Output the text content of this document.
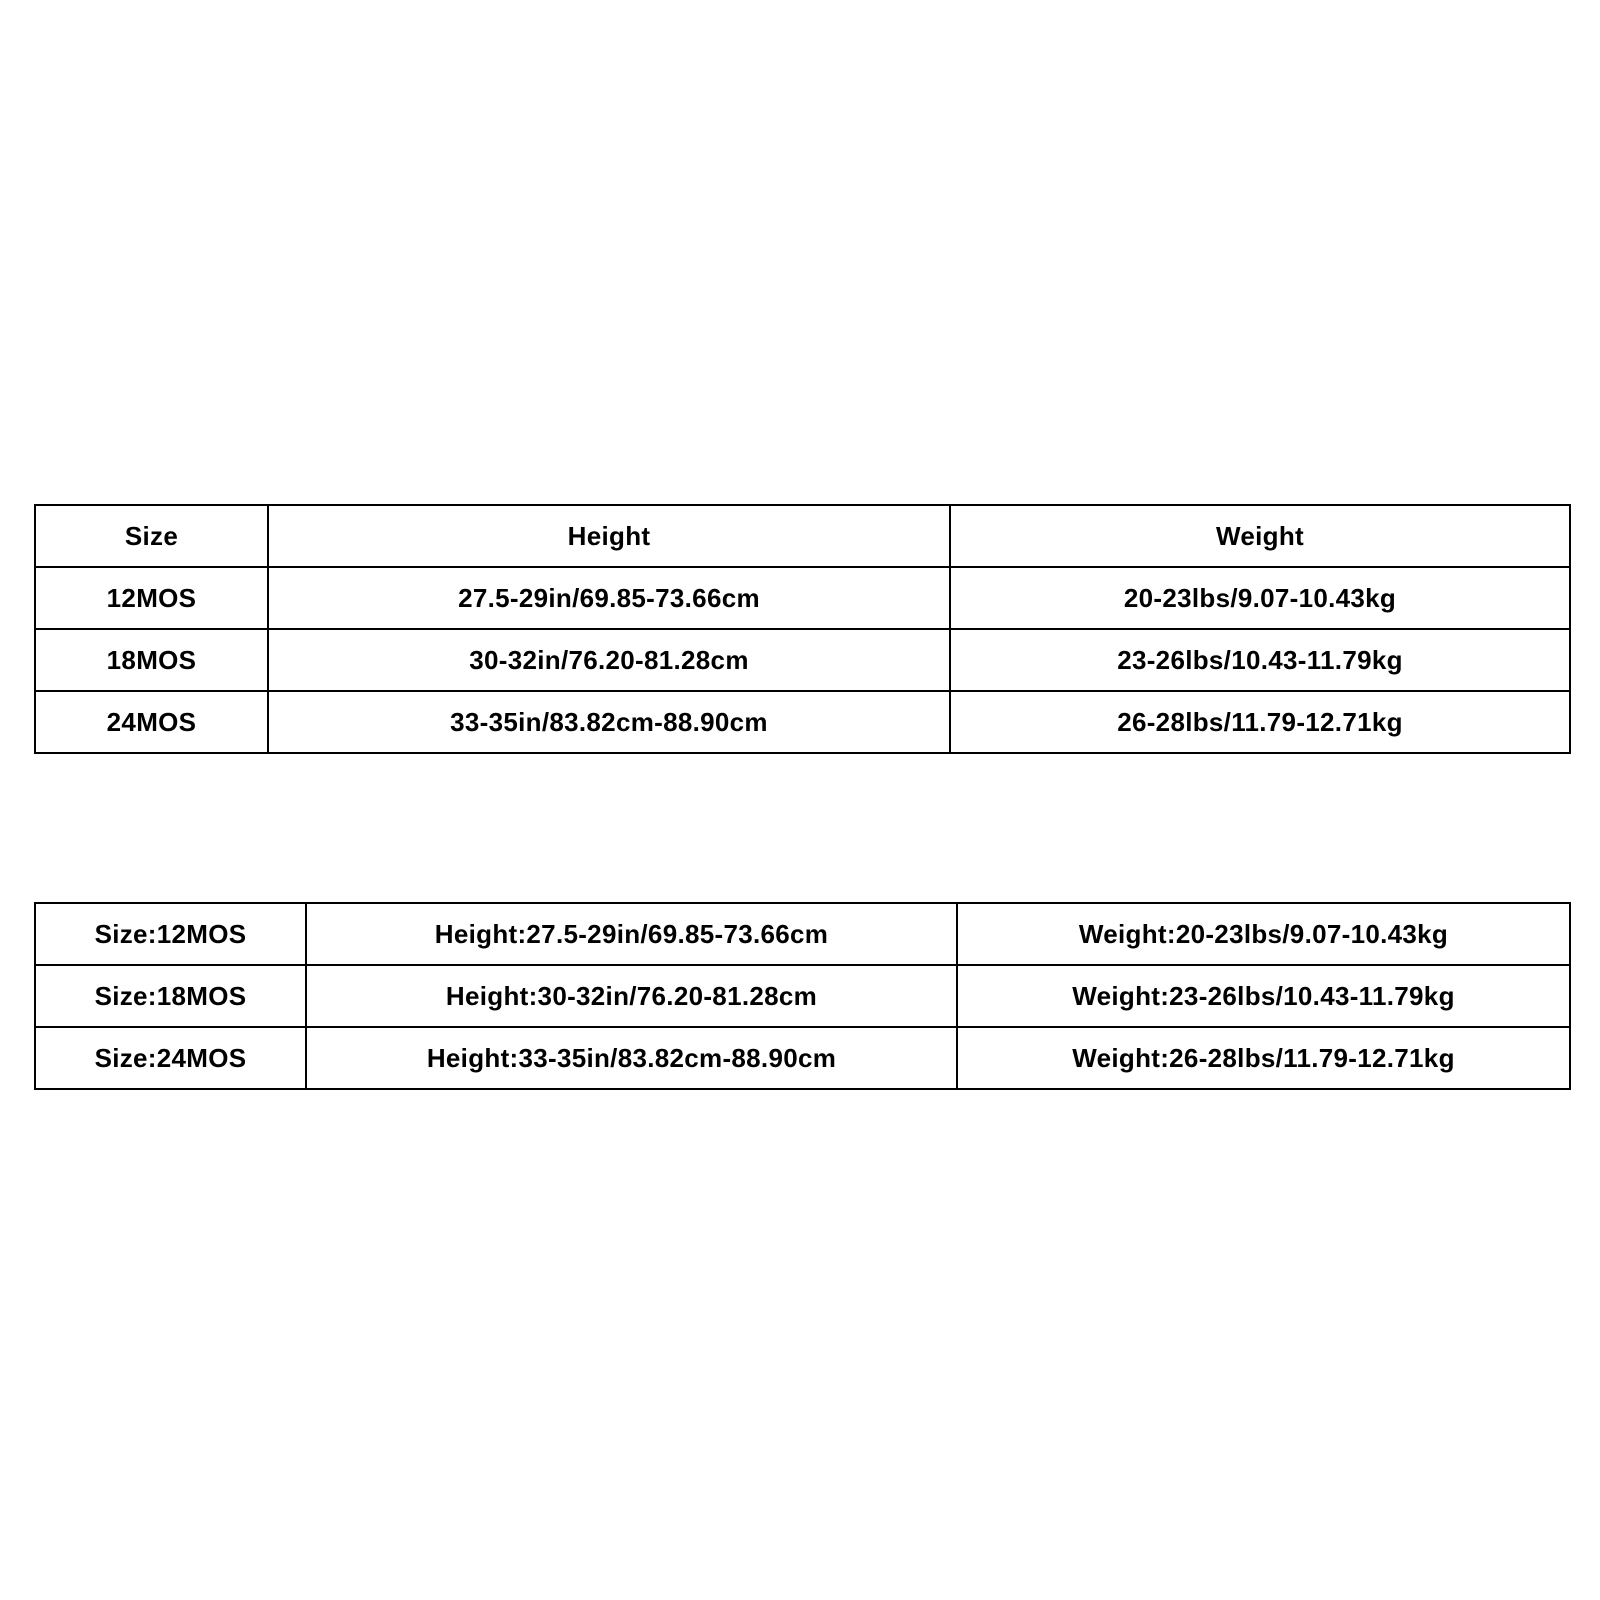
Size	Height	Weight
12MOS	27.5-29in/69.85-73.66cm	20-23lbs/9.07-10.43kg
18MOS	30-32in/76.20-81.28cm	23-26lbs/10.43-11.79kg
24MOS	33-35in/83.82cm-88.90cm	26-28lbs/11.79-12.71kg
Size:12MOS	Height:27.5-29in/69.85-73.66cm	Weight:20-23lbs/9.07-10.43kg
Size:18MOS	Height:30-32in/76.20-81.28cm	Weight:23-26lbs/10.43-11.79kg
Size:24MOS	Height:33-35in/83.82cm-88.90cm	Weight:26-28lbs/11.79-12.71kg
